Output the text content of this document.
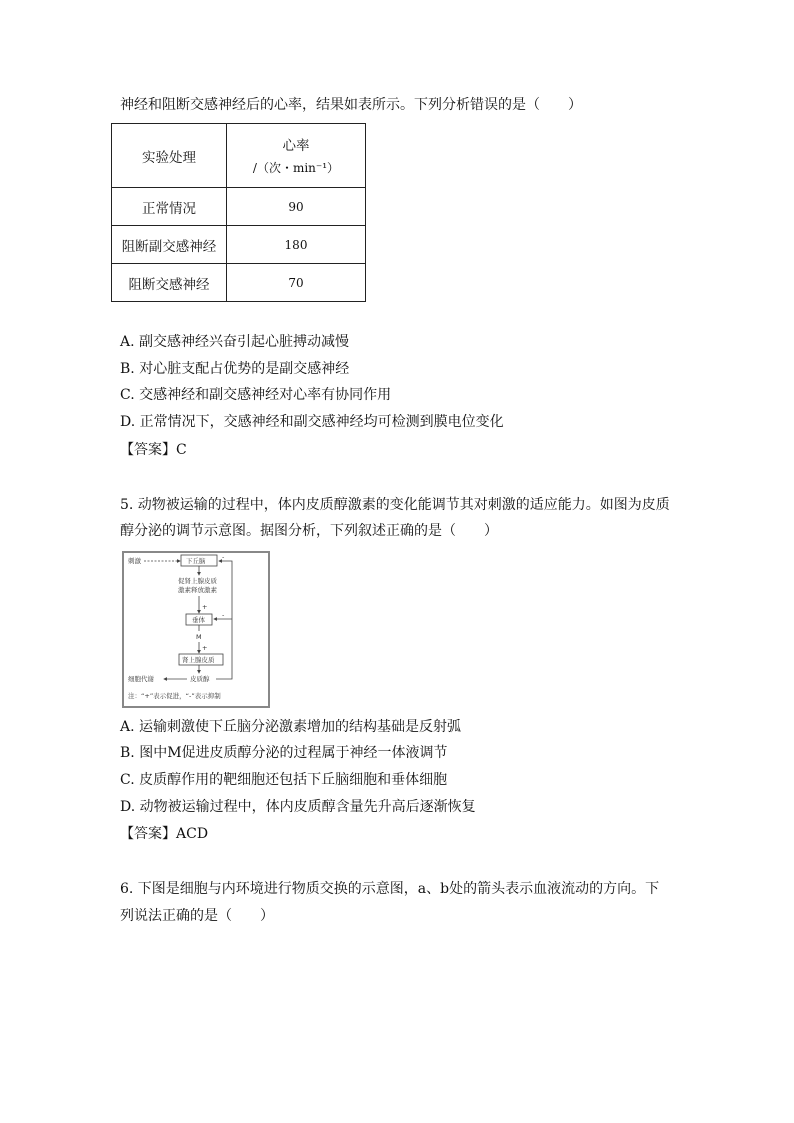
神经和阻断交感神经后的心率，结果如表所示。下列分析错误的是（　　）
实验处理	心率
/（次・min⁻¹）

正常情况	90
阻断副交感神经	180
阻断交感神经	70
A. 副交感神经兴奋引起心脏搏动减慢
B. 对心脏支配占优势的是副交感神经
C. 交感神经和副交感神经对心率有协同作用
D. 正常情况下，交感神经和副交感神经均可检测到膜电位变化
【答案】C
5. 动物被运输的过程中，体内皮质醇激素的变化能调节其对刺激的适应能力。如图为皮质
醇分泌的调节示意图。据图分析，下列叙述正确的是（　　）
刺激	下丘脑
促肾上腺皮质
激素释放激素
+
垂体
M
+
肾上腺皮质
皮质醇
细胞代谢
-
-
注：“+”表示促进，“-”表示抑制
A. 运输刺激使下丘脑分泌激素增加的结构基础是反射弧
B. 图中M促进皮质醇分泌的过程属于神经一体液调节
C. 皮质醇作用的靶细胞还包括下丘脑细胞和垂体细胞
D. 动物被运输过程中，体内皮质醇含量先升高后逐渐恢复
【答案】ACD
6. 下图是细胞与内环境进行物质交换的示意图，a、b处的箭头表示血液流动的方向。下
列说法正确的是（　　）
